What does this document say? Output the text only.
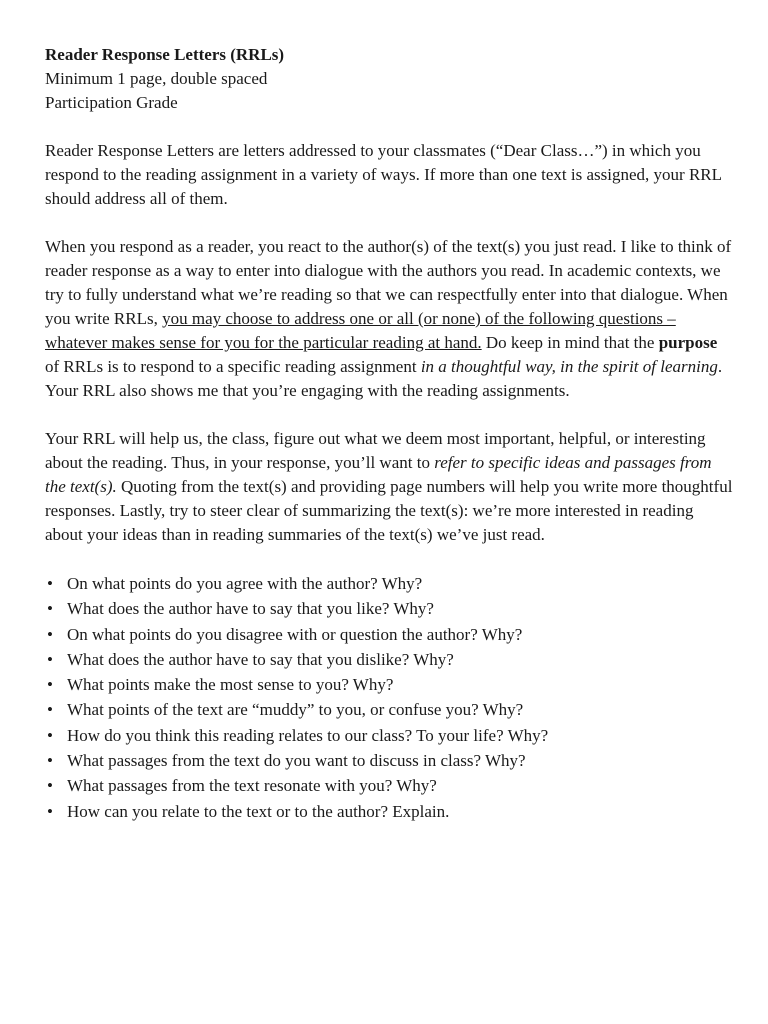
Reader Response Letters (RRLs)
Minimum 1 page, double spaced
Participation Grade

Reader Response Letters are letters addressed to your classmates (“Dear Class…”) in which you respond to the reading assignment in a variety of ways. If more than one text is assigned, your RRL should address all of them.

When you respond as a reader, you react to the author(s) of the text(s) you just read. I like to think of reader response as a way to enter into dialogue with the authors you read. In academic contexts, we try to fully understand what we’re reading so that we can respectfully enter into that dialogue. When you write RRLs, you may choose to address one or all (or none) of the following questions – whatever makes sense for you for the particular reading at hand. Do keep in mind that the purpose of RRLs is to respond to a specific reading assignment in a thoughtful way, in the spirit of learning. Your RRL also shows me that you’re engaging with the reading assignments.

Your RRL will help us, the class, figure out what we deem most important, helpful, or interesting about the reading. Thus, in your response, you’ll want to refer to specific ideas and passages from the text(s). Quoting from the text(s) and providing page numbers will help you write more thoughtful responses. Lastly, try to steer clear of summarizing the text(s): we’re more interested in reading about your ideas than in reading summaries of the text(s) we’ve just read.

• On what points do you agree with the author? Why?
• What does the author have to say that you like? Why?
• On what points do you disagree with or question the author? Why?
• What does the author have to say that you dislike? Why?
• What points make the most sense to you? Why?
• What points of the text are “muddy” to you, or confuse you? Why?
• How do you think this reading relates to our class? To your life? Why?
• What passages from the text do you want to discuss in class? Why?
• What passages from the text resonate with you? Why?
• How can you relate to the text or to the author? Explain.
